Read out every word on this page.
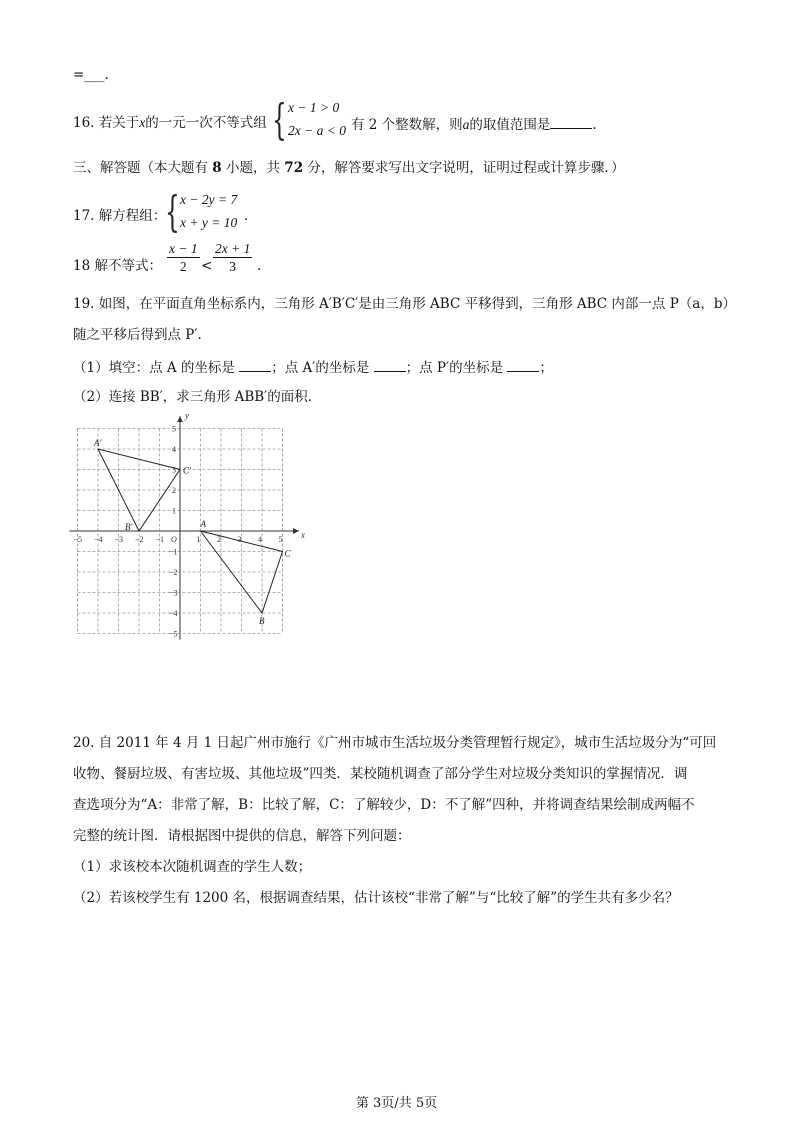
=___.
16. 若关于x的一元一次不等式组 { x − 1 > 0
2x − a < 0 有 2 个整数解，则a的取值范围是	.
三、解答题（本大题有 8 小题，共 72 分，解答要求写出文字说明，证明过程或计算步骤．）
17. 解方程组：
{ x − 2y = 7
x + y = 10 .
18 解不等式： $\frac{x - 1}{2} < \frac{2x + 1}{3}$ .
19. 如图，在平面直角坐标系内，三角形 A′B′C′是由三角形 ABC 平移得到，三角形 ABC 内部一点 P（a，b）
随之平移后得到点 P′.
（1）填空：点 A 的坐标是 ；点 A′的坐标是 ；点 P′的坐标是 ；
（2）连接 BB′，求三角形 ABB′的面积．
x
y
−5 −4 −3 −2 −1 O 1 2 3 4 5
5
4
3
2
1
−1
−2
−3
−4
−5
A′
B′
C′
A
B
C
20. 自 2011 年 4 月 1 日起广州市施行《广州市城市生活垃圾分类管理暂行规定》，城市生活垃圾分为“可回
收物、餐厨垃圾、有害垃圾、其他垃圾”四类．某校随机调查了部分学生对垃圾分类知识的掌握情况．调
查选项分为“A：非常了解，B：比较了解，C：了解较少，D：不了解”四种，并将调查结果绘制成两幅不
完整的统计图．请根据图中提供的信息，解答下列问题：
（1）求该校本次随机调查的学生人数；
（2）若该校学生有 1200 名，根据调查结果，估计该校“非常了解”与“比较了解”的学生共有多少名？
第 3页/共 5页
